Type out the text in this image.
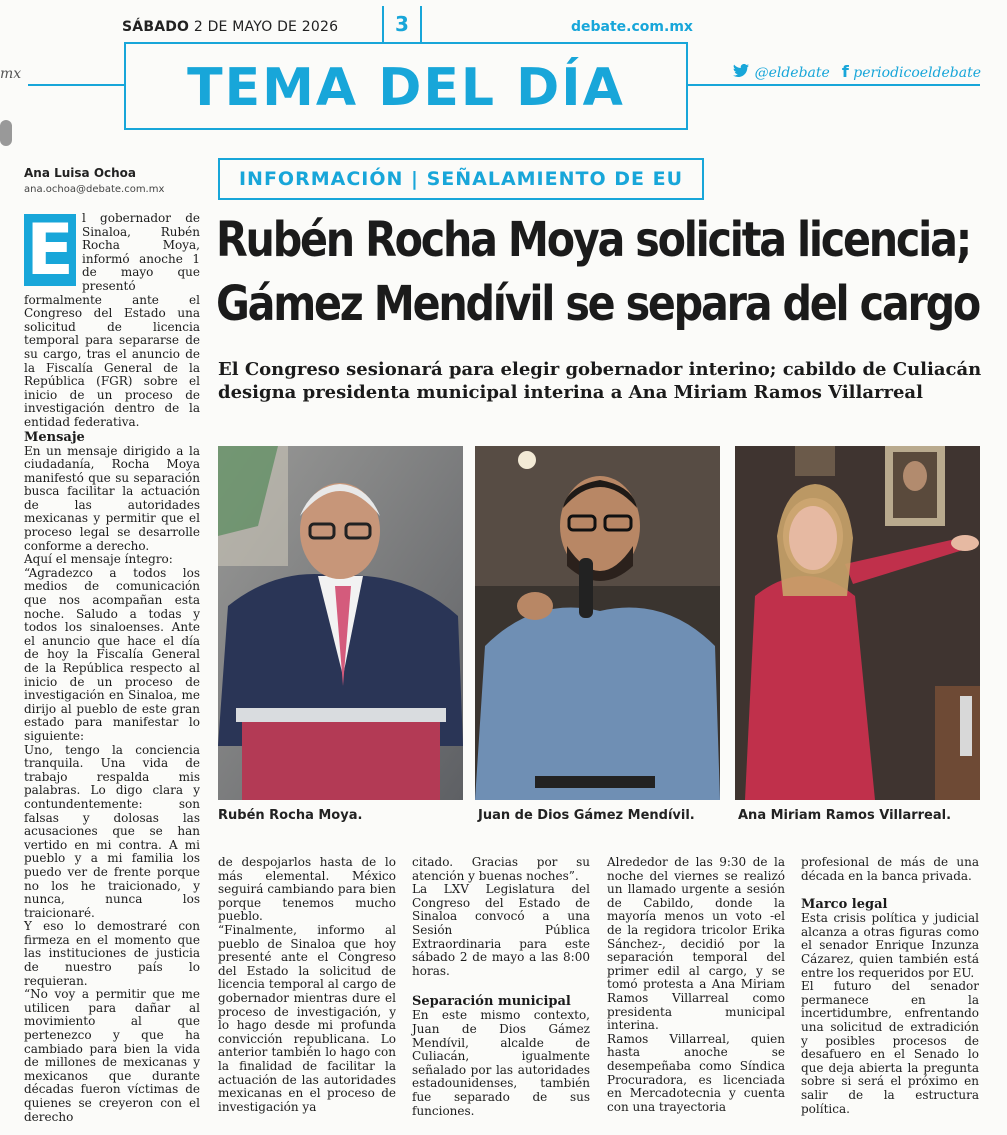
SÁBADO 2 DE MAYO DE 2026	3	debate.com.mx
mx	TEMA DEL DÍA	@eldebate f periodicoeldebate
Ana Luisa Ochoa
ana.ochoa@debate.com.mx
E l gobernador de Sinaloa, Rubén Rocha Moya, informó anoche 1 de mayo que presentó formalmente ante el Congreso del Estado una solicitud de licencia temporal para separarse de su cargo, tras el anuncio de la Fiscalía General de la República (FGR) sobre el inicio de un proceso de investigación dentro de la entidad federativa.

Mensaje

En un mensaje dirigido a la ciudadanía, Rocha Moya manifestó que su separación busca facilitar la actuación de las autoridades mexicanas y permitir que el proceso legal se desarrolle conforme a derecho.

Aquí el mensaje íntegro:

“Agradezco a todos los medios de comunicación que nos acompañan esta noche. Saludo a todas y todos los sinaloenses. Ante el anuncio que hace el día de hoy la Fiscalía General de la República respecto al inicio de un proceso de investigación en Sinaloa, me dirijo al pueblo de este gran estado para manifestar lo siguiente:

Uno, tengo la conciencia tranquila. Una vida de trabajo respalda mis palabras. Lo digo clara y contundentemente: son falsas y dolosas las acusaciones que se han vertido en mi contra. A mi pueblo y a mi familia los puedo ver de frente porque no los he traicionado, y nunca, nunca los traicionaré.

Y eso lo demostraré con firmeza en el momento que las instituciones de justicia de nuestro país lo requieran.

“No voy a permitir que me utilicen para dañar al movimiento al que pertenezco y que ha cambiado para bien la vida de millones de mexicanas y mexicanos que durante décadas fueron víctimas de quienes se creyeron con el derecho

INFORMACIÓN | SEÑALAMIENTO DE EU
Rubén Rocha Moya solicita licencia;
Gámez Mendívil se separa del cargo
El Congreso sesionará para elegir gobernador interino; cabildo de Culiacán designa presidenta municipal interina a Ana Miriam Ramos Villarreal
Rubén Rocha Moya.	Juan de Dios Gámez Mendívil.	Ana Miriam Ramos Villarreal.

de despojarlos hasta de lo más elemental. México seguirá cambiando para bien porque tenemos mucho pueblo.

“Finalmente, informo al pueblo de Sinaloa que hoy presenté ante el Congreso del Estado la solicitud de licencia temporal al cargo de gobernador mientras dure el proceso de investigación, y lo hago desde mi profunda convicción republicana. Lo anterior también lo hago con la finalidad de facilitar la actuación de las autoridades mexicanas en el proceso de investigación ya

citado. Gracias por su atención y buenas noches”.

La LXV Legislatura del Congreso del Estado de Sinaloa convocó a una Sesión Pública Extraordinaria para este sábado 2 de mayo a las 8:00 horas.

Separación municipal

En este mismo contexto, Juan de Dios Gámez Mendívil, alcalde de Culiacán, igualmente señalado por las autoridades estadounidenses, también fue separado de sus funciones.

Alrededor de las 9:30 de la noche del viernes se realizó un llamado urgente a sesión de Cabildo, donde la mayoría menos un voto -el de la regidora tricolor Erika Sánchez-, decidió por la separación temporal del primer edil al cargo, y se tomó protesta a Ana Miriam Ramos Villarreal como presidenta municipal interina.

Ramos Villarreal, quien hasta anoche se desempeñaba como Síndica Procuradora, es licenciada en Mercadotecnia y cuenta con una trayectoria

profesional de más de una década en la banca privada.

Marco legal

Esta crisis política y judicial alcanza a otras figuras como el senador Enrique Inzunza Cázarez, quien también está entre los requeridos por EU.

El futuro del senador permanece en la incertidumbre, enfrentando una solicitud de extradición y posibles procesos de desafuero en el Senado lo que deja abierta la pregunta sobre si será el próximo en salir de la estructura política.
